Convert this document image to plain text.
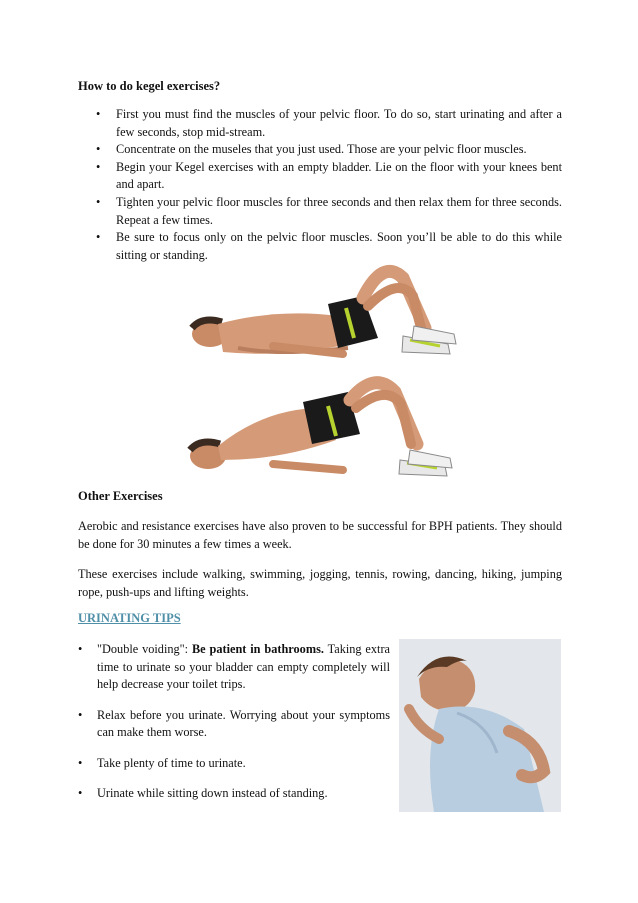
How to do kegel exercises?
• First you must find the muscles of your pelvic floor. To do so, start urinating and after a few seconds, stop mid-stream.
• Concentrate on the museles that you just used. Those are your pelvic floor muscles.
• Begin your Kegel exercises with an empty bladder. Lie on the floor with your knees bent and apart.
• Tighten your pelvic floor muscles for three seconds and then relax them for three seconds. Repeat a few times.
• Be sure to focus only on the pelvic floor muscles. Soon you’ll be able to do this while sitting or standing.
Other Exercises

Aerobic and resistance exercises have also proven to be successful for BPH patients. They should be done for 30 minutes a few times a week.

These exercises include walking, swimming, jogging, tennis, rowing, dancing, hiking, jumping rope, push-ups and lifting weights.

URINATING TIPS
• "Double voiding": Be patient in bathrooms. Taking extra time to urinate so your bladder can empty completely will help decrease your toilet trips.
• Relax before you urinate. Worrying about your symptoms can make them worse.
• Take plenty of time to urinate.
• Urinate while sitting down instead of standing.
